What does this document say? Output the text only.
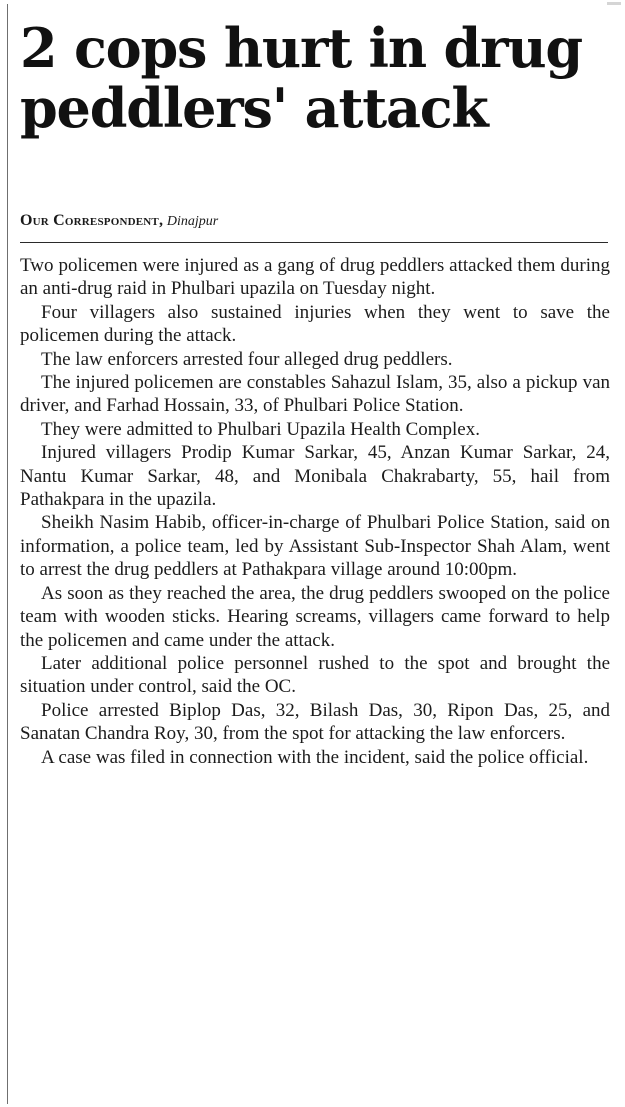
2 cops hurt in drug peddlers' attack

Our Correspondent, Dinajpur

Two policemen were injured as a gang of drug peddlers attacked them during an anti-drug raid in Phulbari upazila on Tuesday night.

Four villagers also sustained injuries when they went to save the policemen during the attack.

The law enforcers arrested four alleged drug peddlers.

The injured policemen are constables Sahazul Islam, 35, also a pickup van driver, and Farhad Hossain, 33, of Phulbari Police Station.

They were admitted to Phulbari Upazila Health Complex.

Injured villagers Prodip Kumar Sarkar, 45, Anzan Kumar Sarkar, 24, Nantu Kumar Sarkar, 48, and Monibala Chakrabarty, 55, hail from Pathakpara in the upazila.

Sheikh Nasim Habib, officer-in-charge of Phulbari Police Station, said on information, a police team, led by Assistant Sub-Inspector Shah Alam, went to arrest the drug peddlers at Pathakpara village around 10:00pm.

As soon as they reached the area, the drug peddlers swooped on the police team with wooden sticks. Hearing screams, villagers came forward to help the policemen and came under the attack.

Later additional police personnel rushed to the spot and brought the situation under control, said the OC.

Police arrested Biplop Das, 32, Bilash Das, 30, Ripon Das, 25, and Sanatan Chandra Roy, 30, from the spot for attacking the law enforcers.

A case was filed in connection with the incident, said the police official.
